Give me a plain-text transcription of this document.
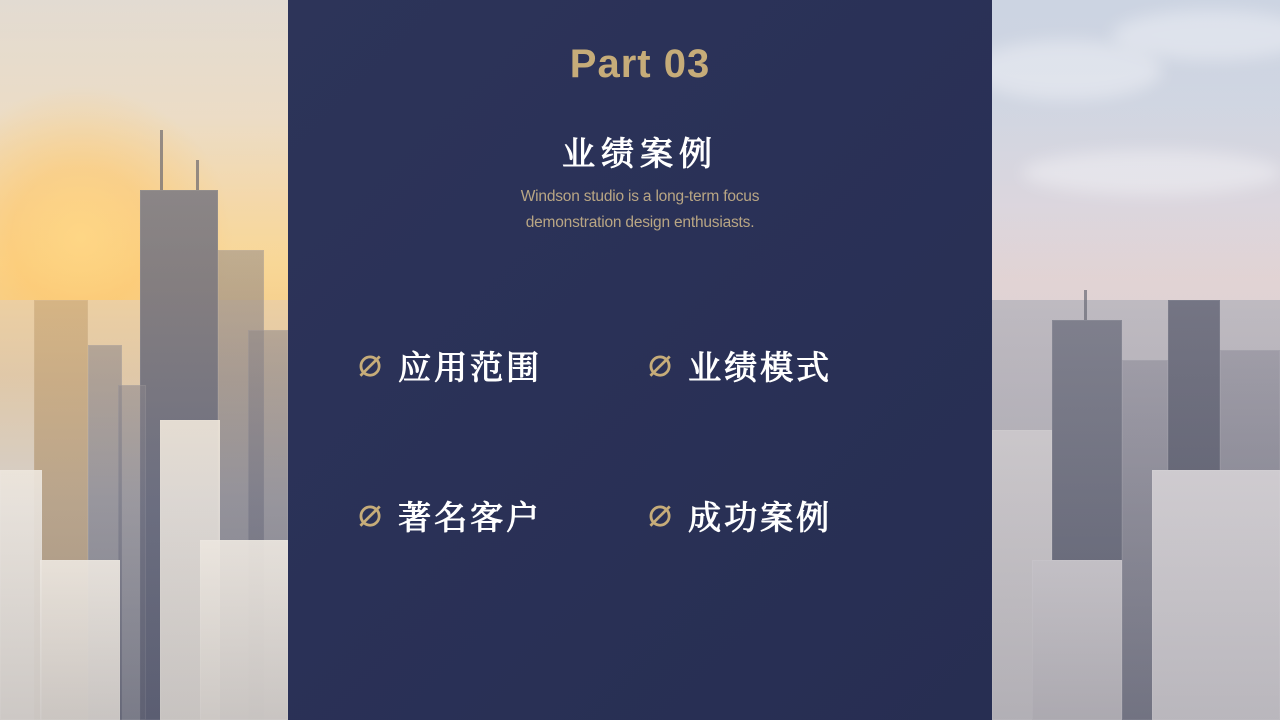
Part 03
业绩案例
Windson studio is a long-term focus
demonstration design enthusiasts.
⌀ 应用范围	⌀ 业绩模式
⌀ 著名客户	⌀ 成功案例
